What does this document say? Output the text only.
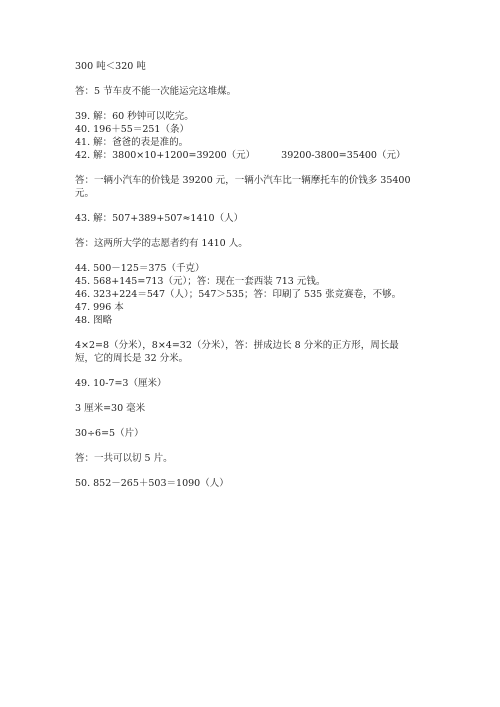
300 吨＜320 吨
答：5 节车皮不能一次能运完这堆煤。
39. 解：60 秒钟可以吃完。
40. 196＋55＝251（条）
41. 解：爸爸的表是准的。
42. 解：3800×10+1200=39200（元）	39200-3800=35400（元）
答：一辆小汽车的价钱是 39200 元，一辆小汽车比一辆摩托车的价钱多 35400
元。
43. 解：507+389+507≈1410（人）
答：这两所大学的志愿者约有 1410 人。
44. 500－125＝375（千克）
45. 568+145=713（元）；答：现在一套西装 713 元钱。
46. 323+224＝547（人）；547＞535；答：印刷了 535 张竞赛卷，不够。
47. 996 本
48. 图略
4×2=8（分米），8×4=32（分米），答：拼成边长 8 分米的正方形，周长最
短，它的周长是 32 分米。
49. 10-7=3（厘米）
3 厘米=30 毫米
30÷6=5（片）
答：一共可以切 5 片。
50. 852－265＋503＝1090（人）
